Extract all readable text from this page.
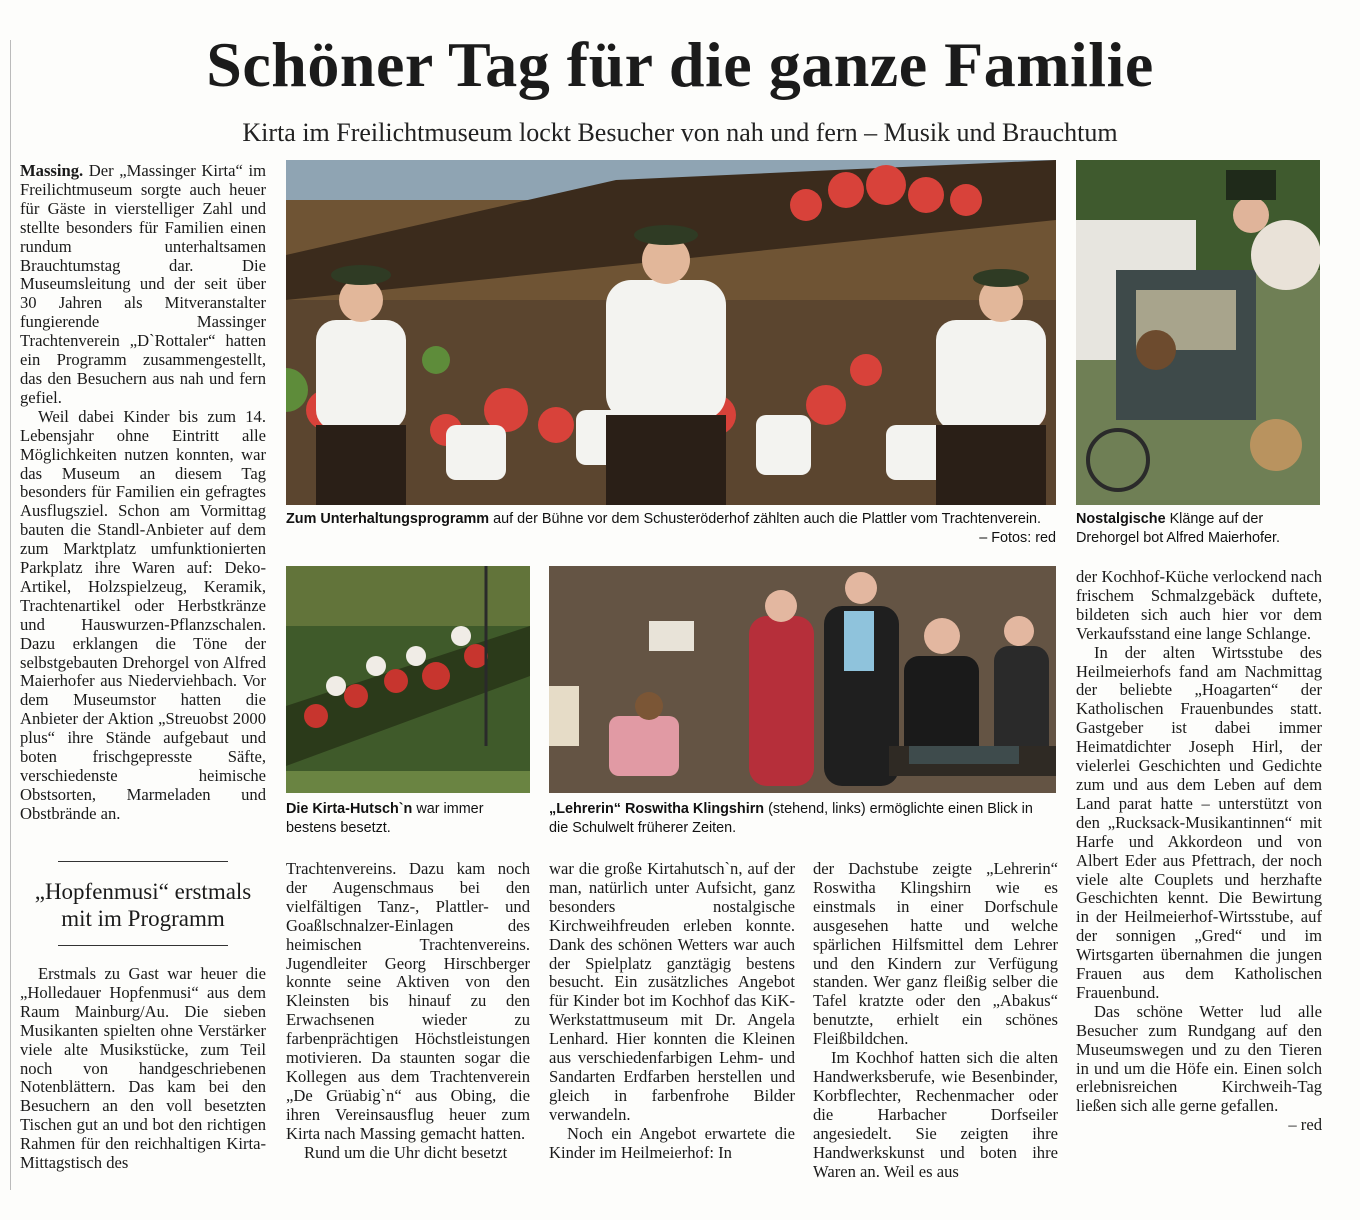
Schöner Tag für die ganze Familie
Kirta im Freilichtmuseum lockt Besucher von nah und fern – Musik und Brauchtum
Zum Unterhaltungsprogramm auf der Bühne vor dem Schusteröderhof zählten auch die Plattler vom Trachtenverein.
– Fotos: red
Nostalgische Klänge auf der Drehorgel bot Alfred Maierhofer.
Die Kirta-Hutsch`n war immer bestens besetzt.
„Lehrerin“ Roswitha Klingshirn (stehend, links) ermöglichte einen Blick in die Schulwelt früherer Zeiten.

Massing. Der „Massinger Kirta“ im Freilichtmuseum sorgte auch heuer für Gäste in vierstelliger Zahl und stellte besonders für Familien einen rundum unterhaltsamen Brauchtumstag dar. Die Museumsleitung und der seit über 30 Jahren als Mitveranstalter fungierende Massinger Trachtenverein „D`Rottaler“ hatten ein Programm zusammengestellt, das den Besuchern aus nah und fern gefiel.

Weil dabei Kinder bis zum 14. Lebensjahr ohne Eintritt alle Möglichkeiten nutzen konnten, war das Museum an diesem Tag besonders für Familien ein gefragtes Ausflugsziel. Schon am Vormittag bauten die Standl-Anbieter auf dem zum Marktplatz umfunktionierten Parkplatz ihre Waren auf: Deko-Artikel, Holzspielzeug, Keramik, Trachtenartikel oder Herbstkränze und Hauswurzen-Pflanzschalen. Dazu erklangen die Töne der selbstgebauten Drehorgel von Alfred Maierhofer aus Niederviehbach. Vor dem Museumstor hatten die Anbieter der Aktion „Streuobst 2000 plus“ ihre Stände aufgebaut und boten frischgepresste Säfte, verschiedenste heimische Obstsorten, Marmeladen und Obstbrände an.

„Hopfenmusi“ erstmals mit im Programm

Erstmals zu Gast war heuer die „Holledauer Hopfenmusi“ aus dem Raum Mainburg/Au. Die sieben Musikanten spielten ohne Verstärker viele alte Musikstücke, zum Teil noch von handgeschriebenen Notenblättern. Das kam bei den Besuchern an den voll besetzten Tischen gut an und bot den richtigen Rahmen für den reichhaltigen Kirta-Mittagstisch des

Trachtenvereins. Dazu kam noch der Augenschmaus bei den vielfältigen Tanz-, Plattler- und Goaßlschnalzer-Einlagen des heimischen Trachtenvereins. Jugendleiter Georg Hirschberger konnte seine Aktiven von den Kleinsten bis hinauf zu den Erwachsenen wieder zu farbenprächtigen Höchstleistungen motivieren. Da staunten sogar die Kollegen aus dem Trachtenverein „De Grüabig`n“ aus Obing, die ihren Vereinsausflug heuer zum Kirta nach Massing gemacht hatten.

Rund um die Uhr dicht besetzt

war die große Kirtahutsch`n, auf der man, natürlich unter Aufsicht, ganz besonders nostalgische Kirchweihfreuden erleben konnte. Dank des schönen Wetters war auch der Spielplatz ganztägig bestens besucht. Ein zusätzliches Angebot für Kinder bot im Kochhof das KiK-Werkstattmuseum mit Dr. Angela Lenhard. Hier konnten die Kleinen aus verschiedenfarbigen Lehm- und Sandarten Erdfarben herstellen und gleich in farbenfrohe Bilder verwandeln.

Noch ein Angebot erwartete die Kinder im Heilmeierhof: In

der Dachstube zeigte „Lehrerin“ Roswitha Klingshirn wie es einstmals in einer Dorfschule ausgesehen hatte und welche spärlichen Hilfsmittel dem Lehrer und den Kindern zur Verfügung standen. Wer ganz fleißig selber die Tafel kratzte oder den „Abakus“ benutzte, erhielt ein schönes Fleißbildchen.

Im Kochhof hatten sich die alten Handwerksberufe, wie Besenbinder, Korbflechter, Rechenmacher oder die Harbacher Dorfseiler angesiedelt. Sie zeigten ihre Handwerkskunst und boten ihre Waren an. Weil es aus

der Kochhof-Küche verlockend nach frischem Schmalzgebäck duftete, bildeten sich auch hier vor dem Verkaufsstand eine lange Schlange.

In der alten Wirtsstube des Heilmeierhofs fand am Nachmittag der beliebte „Hoagarten“ der Katholischen Frauenbundes statt. Gastgeber ist dabei immer Heimatdichter Joseph Hirl, der vielerlei Geschichten und Gedichte zum und aus dem Leben auf dem Land parat hatte – unterstützt von den „Rucksack-Musikantinnen“ mit Harfe und Akkordeon und von Albert Eder aus Pfettrach, der noch viele alte Couplets und herzhafte Geschichten kennt. Die Bewirtung in der Heilmeierhof-Wirtsstube, auf der sonnigen „Gred“ und im Wirtsgarten übernahmen die jungen Frauen aus dem Katholischen Frauenbund.

Das schöne Wetter lud alle Besucher zum Rundgang auf den Museumswegen und zu den Tieren in und um die Höfe ein. Einen solch erlebnisreichen Kirchweih-Tag ließen sich alle gerne gefallen.
– red
